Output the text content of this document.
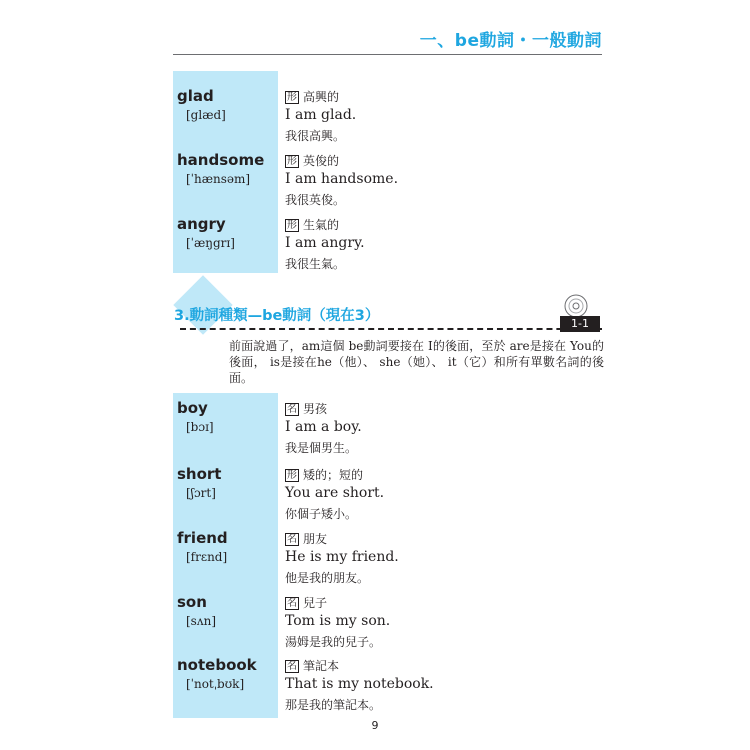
一、be動詞・一般動詞
glad
[glæd]
形 高興的
I am glad.
我很高興。
handsome
[ˈhænsəm]
形 英俊的
I am handsome.
我很英俊。
angry
[ˈæŋgrɪ]
形 生氣的
I am angry.
我很生氣。
3.動詞種類—be動詞（現在3）	1-1
前面說過了，am這個 be動詞要接在 I的後面，至於 are是接在 You的後面， is是接在he（他）、 she（她）、 it（它）和所有單數名詞的後面。
boy
[bɔɪ]
名 男孩
I am a boy.
我是個男生。
short
[ʃɔrt]
形 矮的；短的
You are short.
你個子矮小。
friend
[frɛnd]
名 朋友
He is my friend.
他是我的朋友。
son
[sʌn]
名 兒子
Tom is my son.
湯姆是我的兒子。
notebook
[ˈnotˌbʊk]
名 筆記本
That is my notebook.
那是我的筆記本。
9
